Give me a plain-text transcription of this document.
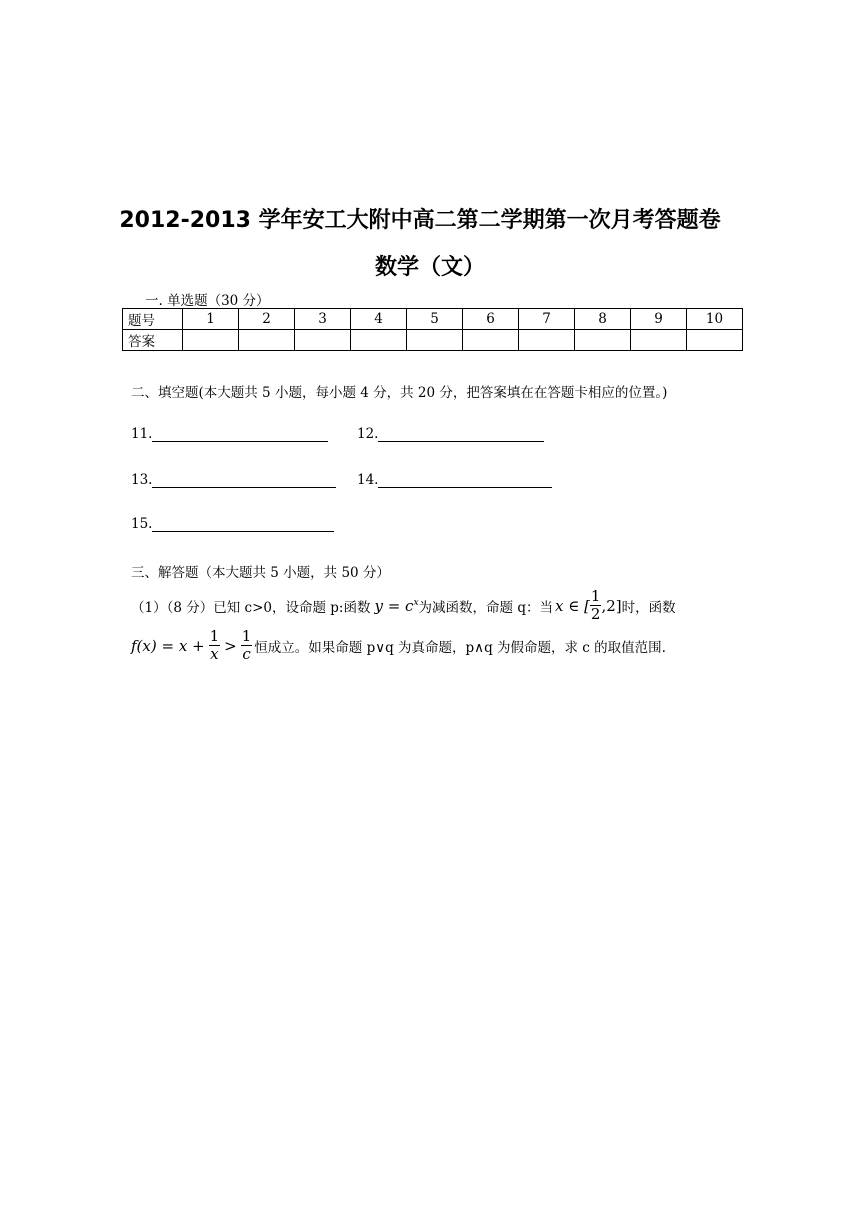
2012-2013 学年安工大附中高二第二学期第一次月考答题卷
数学（文）
一. 单选题（30 分）
题号	1	2	3	4	5	6	7	8	9	10
答案										
二、填空题(本大题共 5 小题，每小题 4 分，共 20 分，把答案填在在答题卡相应的位置。)
11.	12.
13.	14.
15.
三、解答题（本大题共 5 小题，共 50 分）
（1）（8 分）已知 c>0，设命题 p:函数 $y = c^x$ 为减函数，命题 q：当 x ∈ [ $\frac{1}{2} ,2$] 时，函数
$f(x) = x + \frac{1}{x} > \frac{1}{c}$ 恒成立。如果命题 p∨q 为真命题，p∧q 为假命题，求 c 的取值范围.
